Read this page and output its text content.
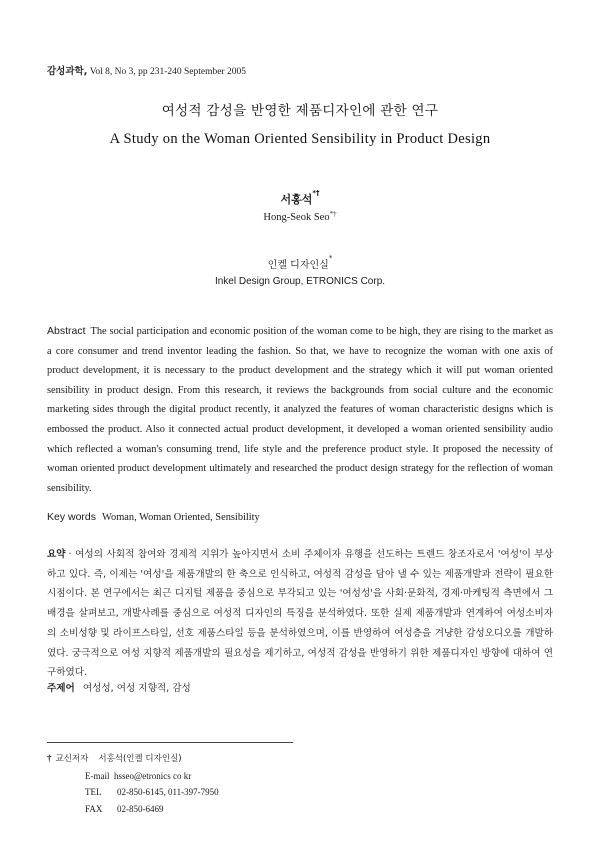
감성과학, Vol 8, No 3, pp 231-240 September 2005
여성적 감성을 반영한 제품디자인에 관한 연구
A Study on the Woman Oriented Sensibility in Product Design
서홍석*†
Hong-Seok Seo*†
인켈 디자인실*
Inkel Design Group, ETRONICS Corp.
Abstract The social participation and economic position of the woman come to be high, they are rising to the market as a core consumer and trend inventor leading the fashion. So that, we have to recognize the woman with one axis of product development, it is necessary to the product development and the strategy which it will put woman oriented sensibility in product design. From this research, it reviews the backgrounds from social culture and the economic marketing sides through the digital product recently, it analyzed the features of woman characteristic designs which is embossed the product. Also it connected actual product development, it developed a woman oriented sensibility audio which reflected a woman's consuming trend, life style and the preference product style. It proposed the necessity of woman oriented product development ultimately and researched the product design strategy for the reflection of woman sensibility.
Key words Woman, Woman Oriented, Sensibility
요약 · 여성의 사회적 참여와 경제적 지위가 높아지면서 소비 주체이자 유행을 선도하는 트렌드 창조자로서 '여성'이 부상하고 있다. 즉, 이제는 '여성'을 제품개발의 한 축으로 인식하고, 여성적 감성을 담아 낼 수 있는 제품개발과 전략이 필요한 시점이다. 본 연구에서는 최근 디지털 제품을 중심으로 부각되고 있는 '여성성'을 사회·문화적, 경제·마케팅적 측면에서 그 배경을 살펴보고, 개발사례를 중심으로 여성적 디자인의 특징을 분석하였다. 또한 실제 제품개발과 연계하여 여성소비자의 소비성향 및 라이프스타일, 선호 제품스타일 등을 분석하였으며, 이를 반영하여 여성층을 겨냥한 감성오디오를 개발하였다. 궁극적으로 여성 지향적 제품개발의 필요성을 제기하고, 여성적 감성을 반영하기 위한 제품디자인 방향에 대하여 연구하였다.
주제어 여성성, 여성 지향적, 감성
† 교신저자 서홍석(인켈 디자인실)
E-mail hsseo@etronics co kr
TEL 02-850-6145, 011-397-7950
FAX 02-850-6469
